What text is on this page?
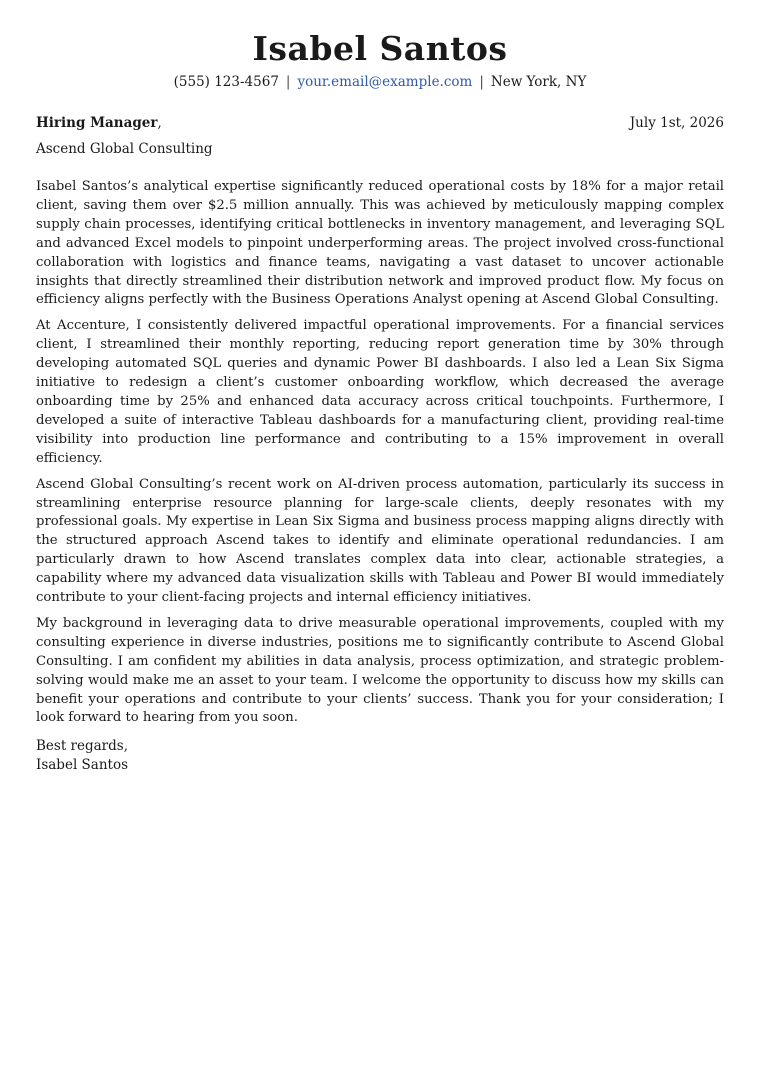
Isabel Santos
(555) 123-4567 | your.email@example.com | New York, NY
Hiring Manager,	July 1st, 2026
Ascend Global Consulting

Isabel Santos’s analytical expertise significantly reduced operational costs by 18% for a major retail client, saving them over $2.5 million annually. This was achieved by meticulously mapping complex supply chain processes, identifying critical bottlenecks in inventory management, and leveraging SQL and advanced Excel models to pinpoint underperforming areas. The project involved cross-functional collaboration with logistics and finance teams, navigating a vast dataset to uncover actionable insights that directly streamlined their distribution network and improved product flow. My focus on efficiency aligns perfectly with the Business Operations Analyst opening at Ascend Global Consulting.

At Accenture, I consistently delivered impactful operational improvements. For a financial services client, I streamlined their monthly reporting, reducing report generation time by 30% through developing automated SQL queries and dynamic Power BI dashboards. I also led a Lean Six Sigma initiative to redesign a client’s customer onboarding workflow, which decreased the average onboarding time by 25% and enhanced data accuracy across critical touchpoints. Furthermore, I developed a suite of interactive Tableau dashboards for a manufacturing client, providing real-time visibility into production line performance and contributing to a 15% improvement in overall efficiency.

Ascend Global Consulting’s recent work on AI-driven process automation, particularly its success in streamlining enterprise resource planning for large-scale clients, deeply resonates with my professional goals. My expertise in Lean Six Sigma and business process mapping aligns directly with the structured approach Ascend takes to identify and eliminate operational redundancies. I am particularly drawn to how Ascend translates complex data into clear, actionable strategies, a capability where my advanced data visualization skills with Tableau and Power BI would immediately contribute to your client-facing projects and internal efficiency initiatives.

My background in leveraging data to drive measurable operational improvements, coupled with my consulting experience in diverse industries, positions me to significantly contribute to Ascend Global Consulting. I am confident my abilities in data analysis, process optimization, and strategic problem-solving would make me an asset to your team. I welcome the opportunity to discuss how my skills can benefit your operations and contribute to your clients’ success. Thank you for your consideration; I look forward to hearing from you soon.

Best regards,
Isabel Santos
